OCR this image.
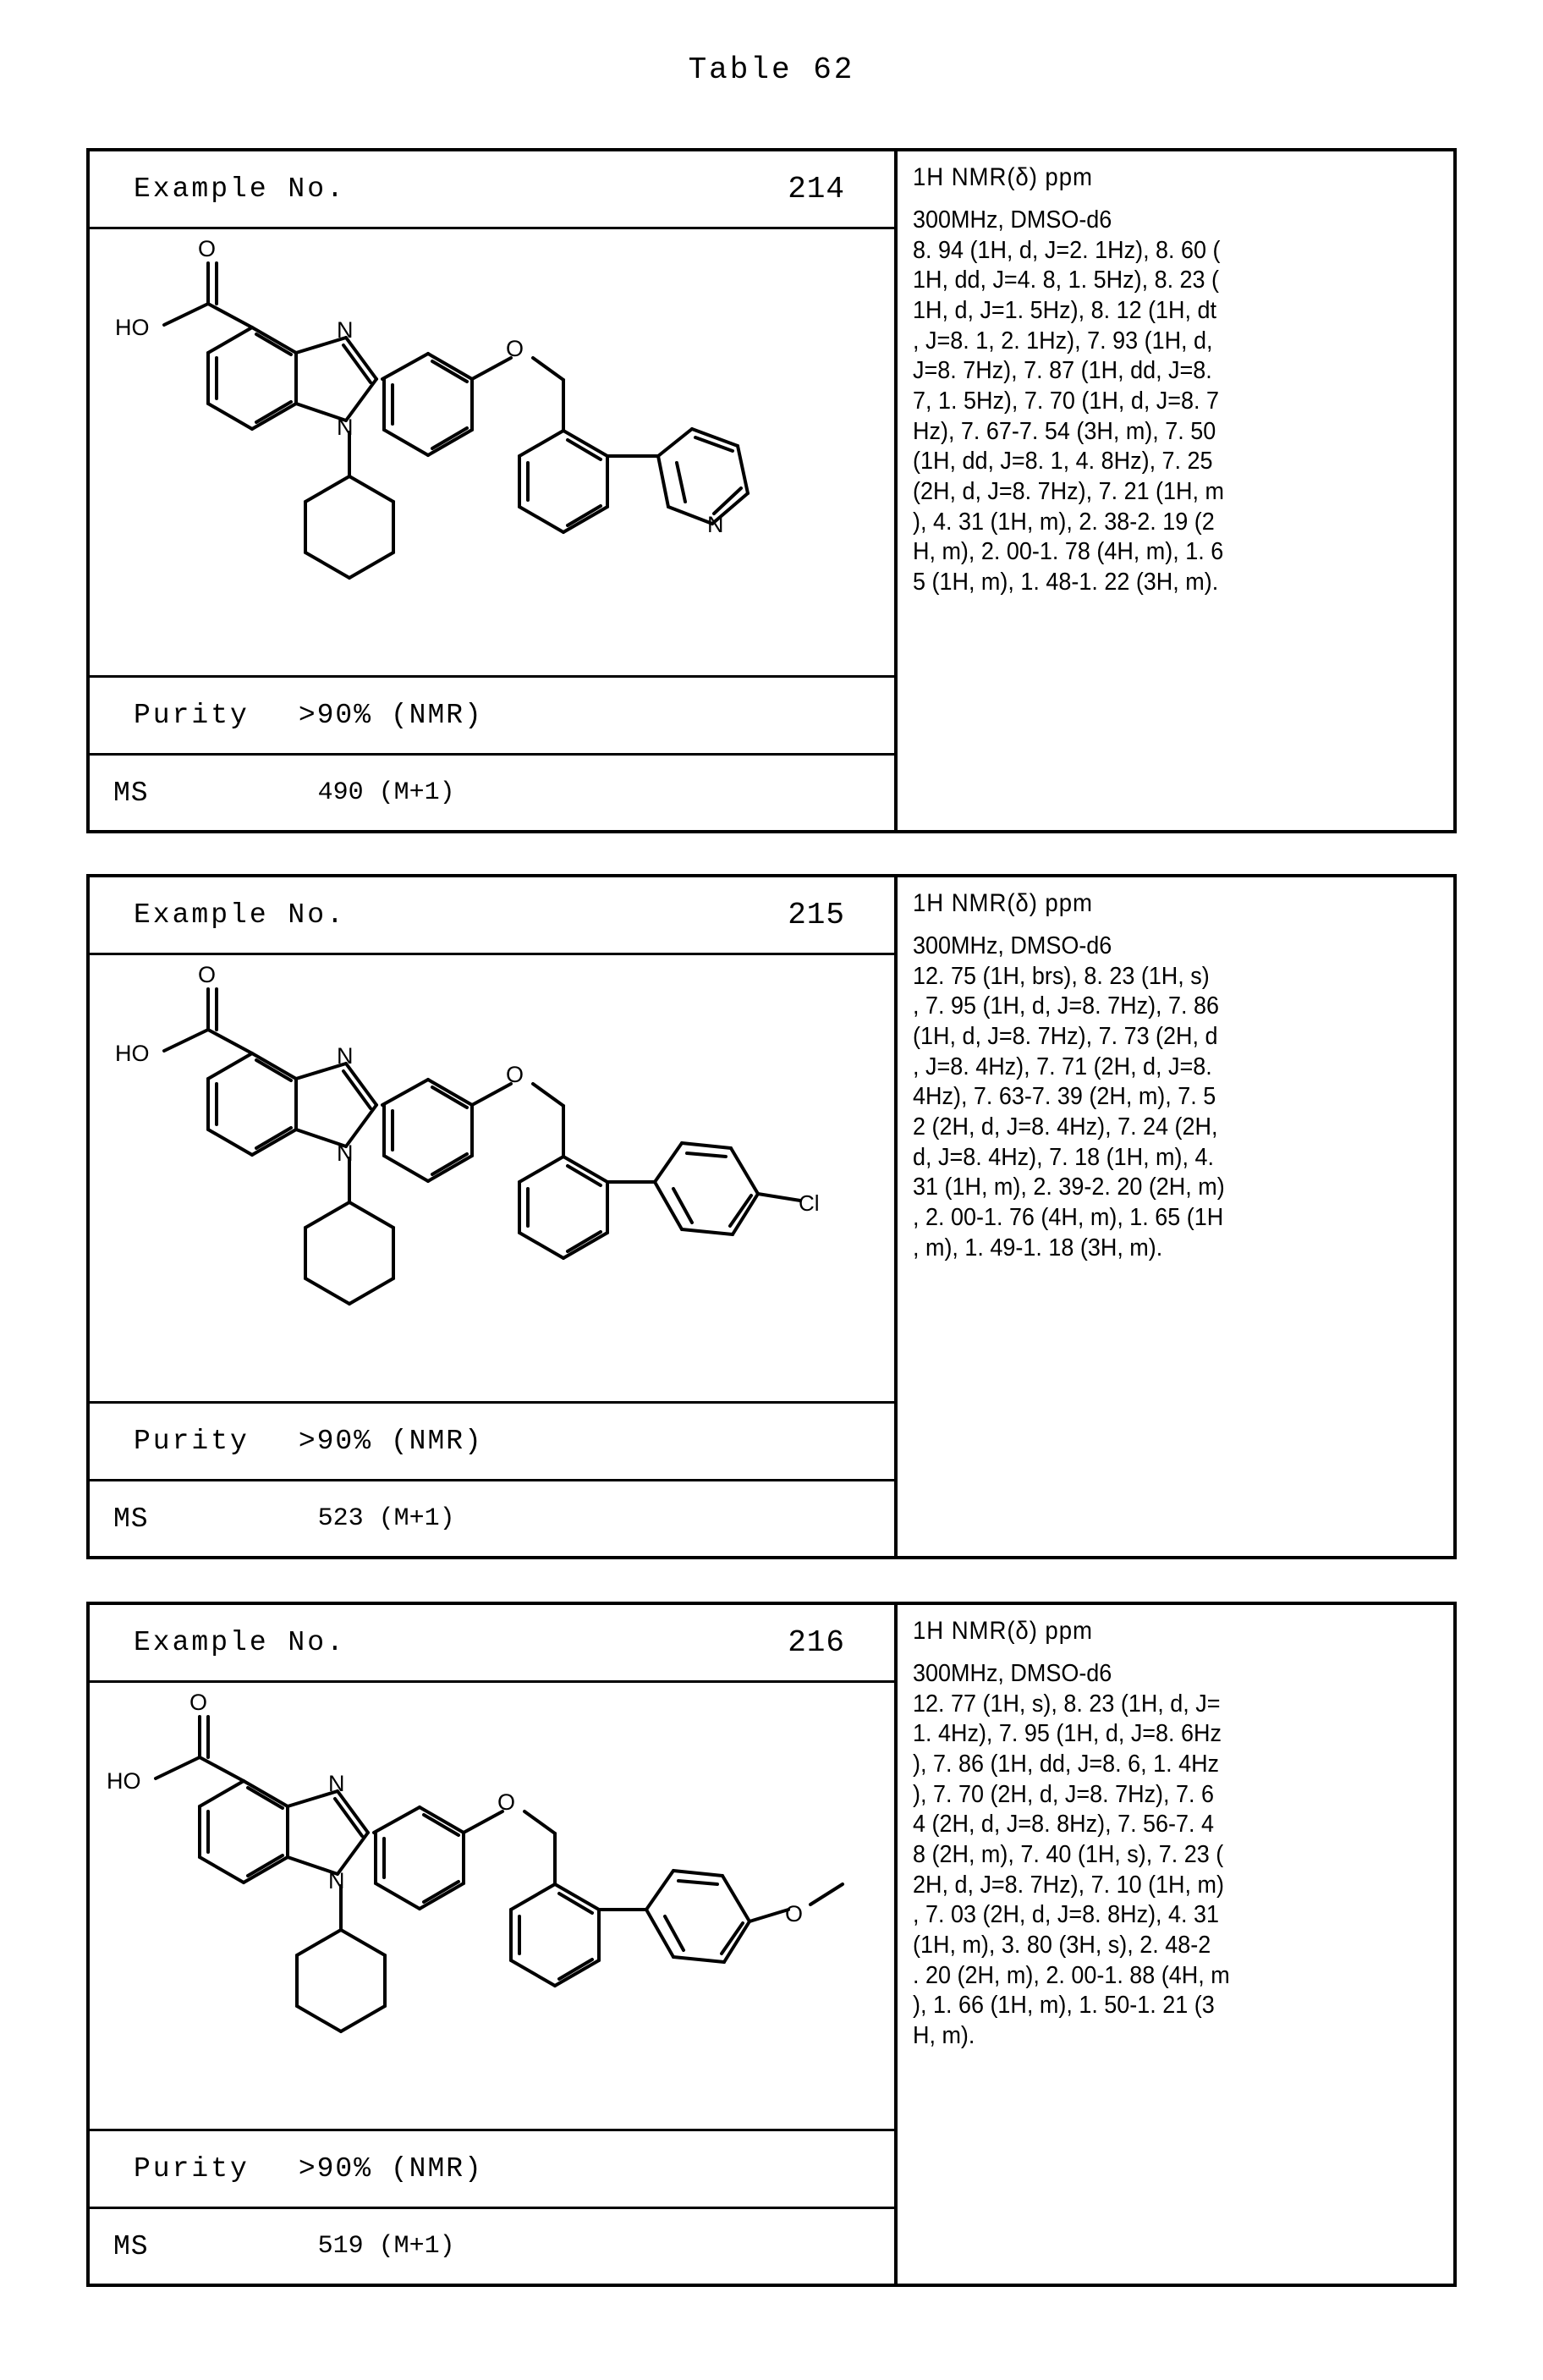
Table 62
Example No.	214
HO
O
N
N
O
N
Purity >90% (NMR)
MS	490 (M+1)
1H NMR(δ) ppm
300MHz, DMSO-d6
8. 94 (1H, d, J=2. 1Hz), 8. 60 (
1H, dd, J=4. 8, 1. 5Hz), 8. 23 (
1H, d, J=1. 5Hz), 8. 12 (1H, dt
, J=8. 1, 2. 1Hz), 7. 93 (1H, d,
J=8. 7Hz), 7. 87 (1H, dd, J=8.
7, 1. 5Hz), 7. 70 (1H, d, J=8. 7
Hz), 7. 67-7. 54 (3H, m), 7. 50
(1H, dd, J=8. 1, 4. 8Hz), 7. 25
(2H, d, J=8. 7Hz), 7. 21 (1H, m
), 4. 31 (1H, m), 2. 38-2. 19 (2
H, m), 2. 00-1. 78 (4H, m), 1. 6
5 (1H, m), 1. 48-1. 22 (3H, m).
Example No.	215
HO
O
N
N
O
Cl
Purity >90% (NMR)
MS	523 (M+1)
1H NMR(δ) ppm
300MHz, DMSO-d6
12. 75 (1H, brs), 8. 23 (1H, s)
, 7. 95 (1H, d, J=8. 7Hz), 7. 86
(1H, d, J=8. 7Hz), 7. 73 (2H, d
, J=8. 4Hz), 7. 71 (2H, d, J=8.
4Hz), 7. 63-7. 39 (2H, m), 7. 5
2 (2H, d, J=8. 4Hz), 7. 24 (2H,
d, J=8. 4Hz), 7. 18 (1H, m), 4.
31 (1H, m), 2. 39-2. 20 (2H, m)
, 2. 00-1. 76 (4H, m), 1. 65 (1H
, m), 1. 49-1. 18 (3H, m).
Example No.	216
HO
O
N
N
O
O
Purity >90% (NMR)
MS	519 (M+1)
1H NMR(δ) ppm
300MHz, DMSO-d6
12. 77 (1H, s), 8. 23 (1H, d, J=
1. 4Hz), 7. 95 (1H, d, J=8. 6Hz
), 7. 86 (1H, dd, J=8. 6, 1. 4Hz
), 7. 70 (2H, d, J=8. 7Hz), 7. 6
4 (2H, d, J=8. 8Hz), 7. 56-7. 4
8 (2H, m), 7. 40 (1H, s), 7. 23 (
2H, d, J=8. 7Hz), 7. 10 (1H, m)
, 7. 03 (2H, d, J=8. 8Hz), 4. 31
(1H, m), 3. 80 (3H, s), 2. 48-2
. 20 (2H, m), 2. 00-1. 88 (4H, m
), 1. 66 (1H, m), 1. 50-1. 21 (3
H, m).
